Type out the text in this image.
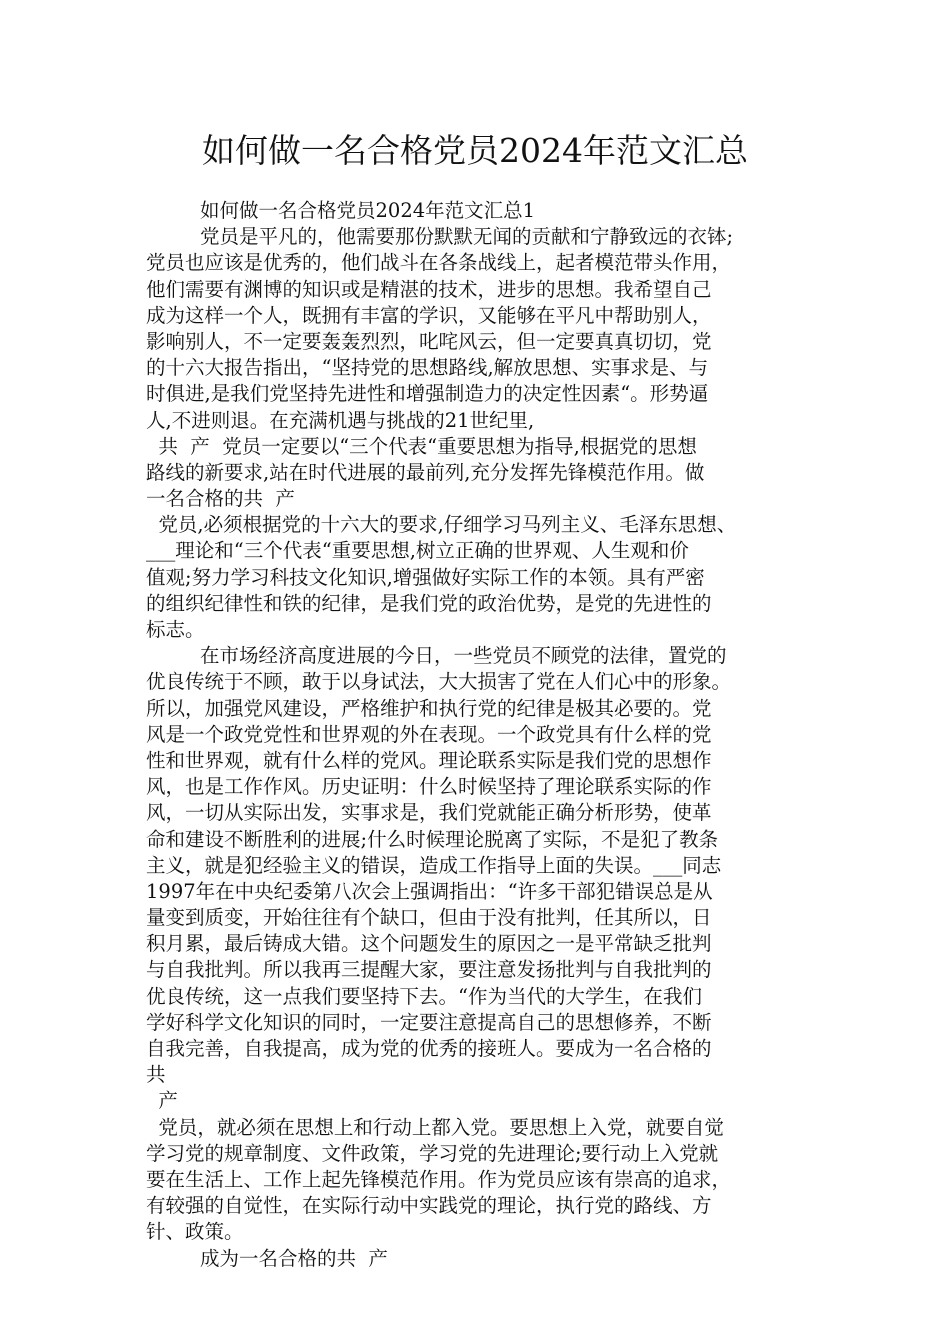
如何做一名合格党员2024年范文汇总
如何做一名合格党员2024年范文汇总1
党员是平凡的，他需要那份默默无闻的贡献和宁静致远的衣钵;
党员也应该是优秀的，他们战斗在各条战线上，起者模范带头作用，
他们需要有渊博的知识或是精湛的技术，进步的思想。我希望自己
成为这样一个人，既拥有丰富的学识，又能够在平凡中帮助别人，
影响别人，不一定要轰轰烈烈，叱咤风云，但一定要真真切切，党
的十六大报告指出，“坚持党的思想路线,解放思想、实事求是、与
时俱进,是我们党坚持先进性和增强制造力的决定性因素“。形势逼
人,不进则退。在充满机遇与挑战的21世纪里,
共  产  党员一定要以“三个代表“重要思想为指导,根据党的思想
路线的新要求,站在时代进展的最前列,充分发挥先锋模范作用。做
一名合格的共  产
党员,必须根据党的十六大的要求,仔细学习马列主义、毛泽东思想、
___理论和“三个代表“重要思想,树立正确的世界观、人生观和价
值观;努力学习科技文化知识,增强做好实际工作的本领。具有严密
的组织纪律性和铁的纪律，是我们党的政治优势，是党的先进性的
标志。
在市场经济高度进展的今日，一些党员不顾党的法律，置党的
优良传统于不顾，敢于以身试法，大大损害了党在人们心中的形象。
所以，加强党风建设，严格维护和执行党的纪律是极其必要的。党
风是一个政党党性和世界观的外在表现。一个政党具有什么样的党
性和世界观，就有什么样的党风。理论联系实际是我们党的思想作
风，也是工作作风。历史证明：什么时候坚持了理论联系实际的作
风，一切从实际出发，实事求是，我们党就能正确分析形势，使革
命和建设不断胜利的进展;什么时候理论脱离了实际，不是犯了教条
主义，就是犯经验主义的错误，造成工作指导上面的失误。___同志
1997年在中央纪委第八次会上强调指出：“许多干部犯错误总是从
量变到质变，开始往往有个缺口，但由于没有批判，任其所以，日
积月累，最后铸成大错。这个问题发生的原因之一是平常缺乏批判
与自我批判。所以我再三提醒大家，要注意发扬批判与自我批判的
优良传统，这一点我们要坚持下去。“作为当代的大学生，在我们
学好科学文化知识的同时，一定要注意提高自己的思想修养，不断
自我完善，自我提高，成为党的优秀的接班人。要成为一名合格的
共
产
党员，就必须在思想上和行动上都入党。要思想上入党，就要自觉
学习党的规章制度、文件政策，学习党的先进理论;要行动上入党就
要在生活上、工作上起先锋模范作用。作为党员应该有崇高的追求，
有较强的自觉性，在实际行动中实践党的理论，执行党的路线、方
针、政策。
成为一名合格的共  产
